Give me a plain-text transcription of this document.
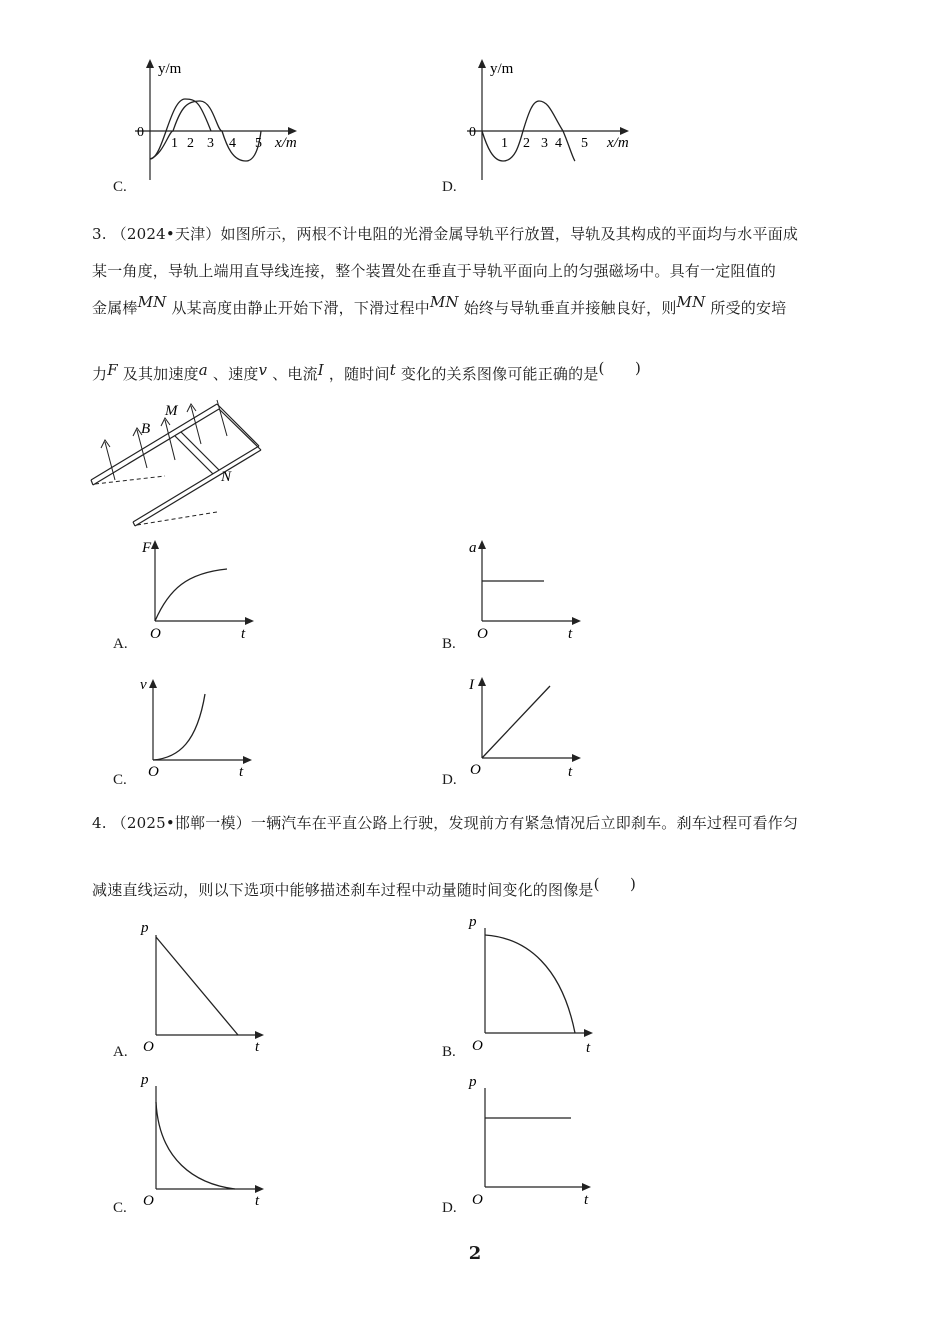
y/m
x/m
0
1 2 3 4 5
C.
y/m
x/m
0
1 2 3 4 5
D.
3. （2024•天津）如图所示，两根不计电阻的光滑金属导轨平行放置，导轨及其构成的平面均与水平面成
某一角度，导轨上端用直导线连接，整个装置处在垂直于导轨平面向上的匀强磁场中。具有一定阻值的
金属棒MN 从某高度由静止开始下滑，下滑过程中MN 始终与导轨垂直并接触良好，则MN 所受的安培
力F 及其加速度a 、速度v 、电流I ，随时间t 变化的关系图像可能正确的是(　　)
M
B
N
F
t
O
A.
a
t
O
B.
v
t
O
C.
I
t
O
D.
4. （2025•邯郸一模）一辆汽车在平直公路上行驶，发现前方有紧急情况后立即刹车。刹车过程可看作匀
减速直线运动，则以下选项中能够描述刹车过程中动量随时间变化的图像是(　　)
p
t
O
A.
p
t
O
B.
p
t
O
C.
p
t
O
D.
2
